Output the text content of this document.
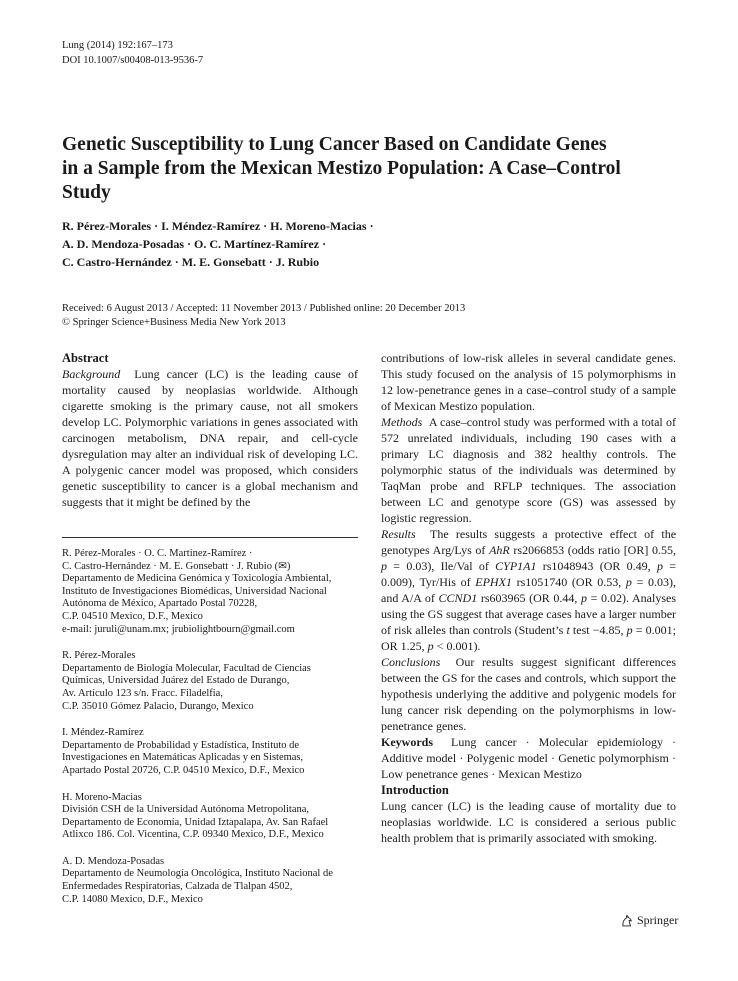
Lung (2014) 192:167–173
DOI 10.1007/s00408-013-9536-7
Genetic Susceptibility to Lung Cancer Based on Candidate Genes in a Sample from the Mexican Mestizo Population: A Case–Control Study
R. Pérez-Morales · I. Méndez-Ramírez · H. Moreno-Macias ·
A. D. Mendoza-Posadas · O. C. Martínez-Ramírez ·
C. Castro-Hernández · M. E. Gonsebatt · J. Rubio
Received: 6 August 2013 / Accepted: 11 November 2013 / Published online: 20 December 2013
© Springer Science+Business Media New York 2013
Abstract

Background Lung cancer (LC) is the leading cause of mortality caused by neoplasias worldwide. Although cigarette smoking is the primary cause, not all smokers develop LC. Polymorphic variations in genes associated with carcinogen metabolism, DNA repair, and cell-cycle dysregulation may alter an individual risk of developing LC. A polygenic cancer model was proposed, which considers genetic susceptibility to cancer is a global mechanism and suggests that it might be defined by the

R. Pérez-Morales · O. C. Martínez-Ramírez ·

C. Castro-Hernández · M. E. Gonsebatt · J. Rubio (✉)

Departamento de Medicina Genómica y Toxicología Ambiental,

Instituto de Investigaciones Biomédicas, Universidad Nacional

Autónoma de México, Apartado Postal 70228,

C.P. 04510 Mexico, D.F., Mexico

e-mail: juruli@unam.mx; jrubiolightbourn@gmail.com

R. Pérez-Morales

Departamento de Biología Molecular, Facultad de Ciencias

Químicas, Universidad Juárez del Estado de Durango,

Av. Artículo 123 s/n. Fracc. Filadelfia,

C.P. 35010 Gómez Palacio, Durango, Mexico

I. Méndez-Ramírez

Departamento de Probabilidad y Estadística, Instituto de

Investigaciones en Matemáticas Aplicadas y en Sistemas,

Apartado Postal 20726, C.P. 04510 Mexico, D.F., Mexico

H. Moreno-Macias

División CSH de la Universidad Autónoma Metropolitana,

Departamento de Economía, Unidad Iztapalapa, Av. San Rafael

Atlixco 186. Col. Vicentina, C.P. 09340 Mexico, D.F., Mexico

A. D. Mendoza-Posadas

Departamento de Neumología Oncológica, Instituto Nacional de

Enfermedades Respiratorias, Calzada de Tlalpan 4502,

C.P. 14080 Mexico, D.F., Mexico

contributions of low-risk alleles in several candidate genes. This study focused on the analysis of 15 polymorphisms in 12 low-penetrance genes in a case–control study of a sample of Mexican Mestizo population.

Methods A case–control study was performed with a total of 572 unrelated individuals, including 190 cases with a primary LC diagnosis and 382 healthy controls. The polymorphic status of the individuals was determined by TaqMan probe and RFLP techniques. The association between LC and genotype score (GS) was assessed by logistic regression.

Results The results suggests a protective effect of the genotypes Arg/Lys of AhR rs2066853 (odds ratio [OR] 0.55, p = 0.03), Ile/Val of CYP1A1 rs1048943 (OR 0.49, p = 0.009), Tyr/His of EPHX1 rs1051740 (OR 0.53, p = 0.03), and A/A of CCND1 rs603965 (OR 0.44, p = 0.02). Analyses using the GS suggest that average cases have a larger number of risk alleles than controls (Student’s t test −4.85, p = 0.001; OR 1.25, p < 0.001).

Conclusions Our results suggest significant differences between the GS for the cases and controls, which support the hypothesis underlying the additive and polygenic models for lung cancer risk depending on the polymorphisms in low-penetrance genes.

Keywords Lung cancer · Molecular epidemiology · Additive model · Polygenic model · Genetic polymorphism · Low penetrance genes · Mexican Mestizo

Introduction

Lung cancer (LC) is the leading cause of mortality due to neoplasias worldwide. LC is considered a serious public health problem that is primarily associated with smoking.

Springer
